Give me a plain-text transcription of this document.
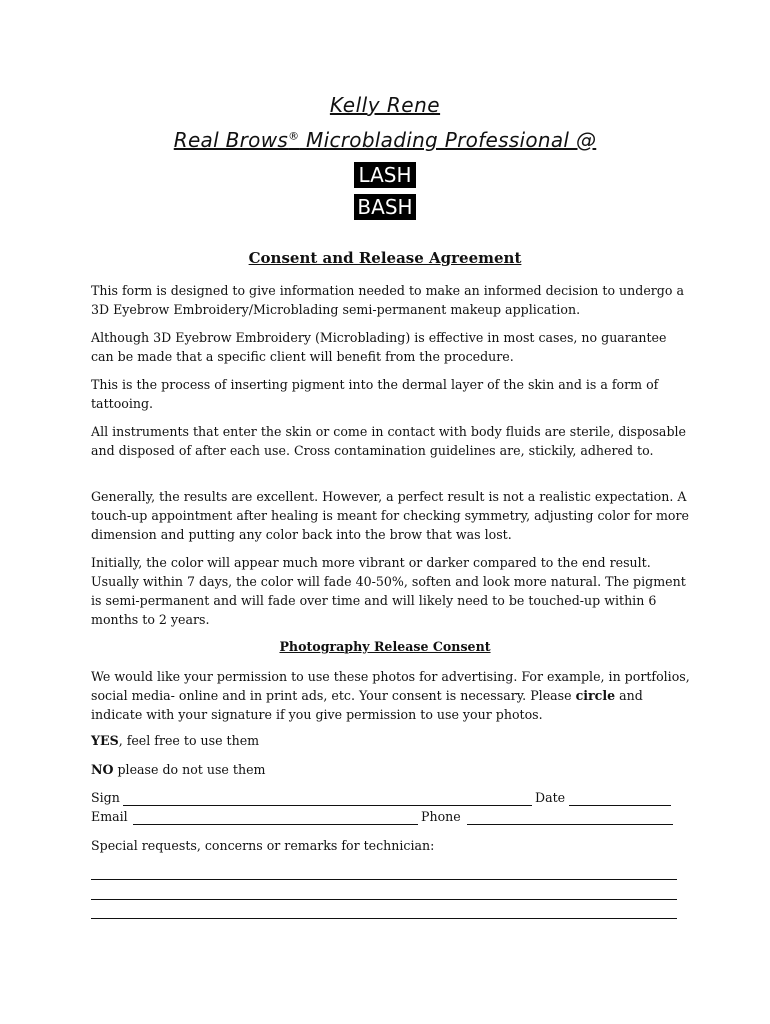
Kelly Rene
Real Brows® Microblading Professional @
LASH
BASH
Consent and Release Agreement

This form is designed to give information needed to make an informed decision to undergo a 3D Eyebrow Embroidery/Microblading semi-permanent makeup application.

Although 3D Eyebrow Embroidery (Microblading) is effective in most cases, no guarantee can be made that a specific client will benefit from the procedure.

This is the process of inserting pigment into the dermal layer of the skin and is a form of tattooing.

All instruments that enter the skin or come in contact with body fluids are sterile, disposable and disposed of after each use. Cross contamination guidelines are, stickily, adhered to.

Generally, the results are excellent. However, a perfect result is not a realistic expectation. A touch-up appointment after healing is meant for checking symmetry, adjusting color for more dimension and putting any color back into the brow that was lost.

Initially, the color will appear much more vibrant or darker compared to the end result. Usually within 7 days, the color will fade 40-50%, soften and look more natural. The pigment is semi-permanent and will fade over time and will likely need to be touched-up within 6 months to 2 years.

Photography Release Consent

We would like your permission to use these photos for advertising. For example, in portfolios, social media- online and in print ads, etc. Your consent is necessary. Please circle and indicate with your signature if you give permission to use your photos.

YES, feel free to use them
NO please do not use them
Sign	Date
Email	Phone
Special requests, concerns or remarks for technician:
